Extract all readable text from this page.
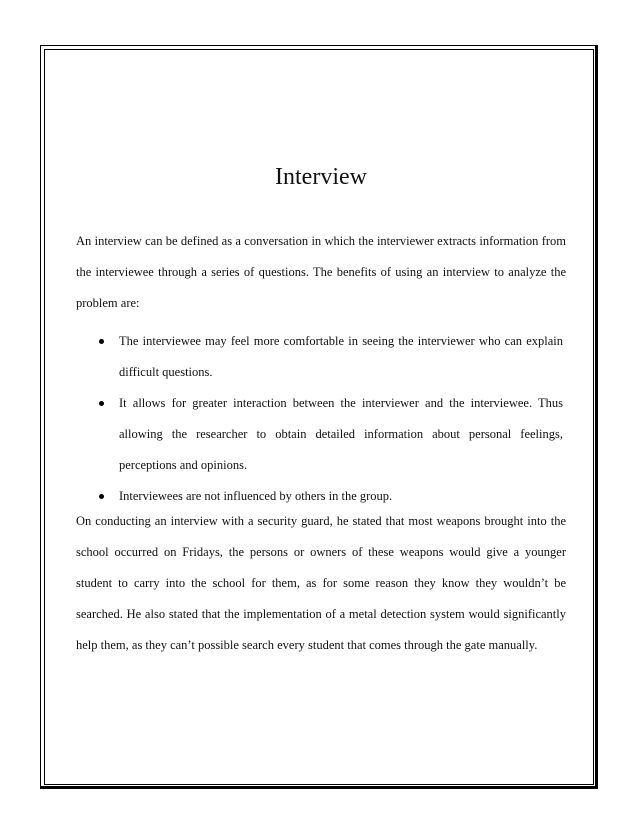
Interview

An interview can be defined as a conversation in which the interviewer extracts information from the interviewee through a series of questions. The benefits of using an interview to analyze the problem are:

The interviewee may feel more comfortable in seeing the interviewer who can explain difficult questions.
It allows for greater interaction between the interviewer and the interviewee. Thus allowing the researcher to obtain detailed information about personal feelings, perceptions and opinions.
Interviewees are not influenced by others in the group.

On conducting an interview with a security guard, he stated that most weapons brought into the school occurred on Fridays, the persons or owners of these weapons would give a younger student to carry into the school for them, as for some reason they know they wouldn’t be searched. He also stated that the implementation of a metal detection system would significantly help them, as they can’t possible search every student that comes through the gate manually.
